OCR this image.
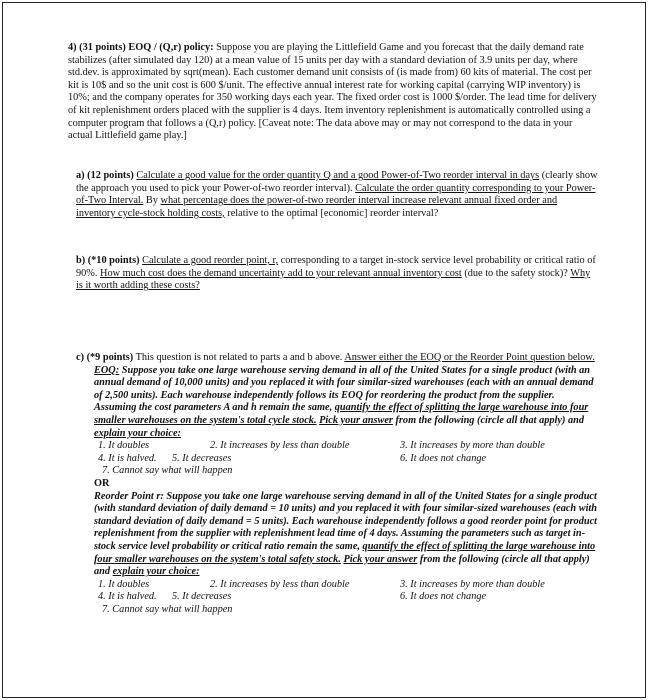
4) (31 points) EOQ / (Q,r) policy: Suppose you are playing the Littlefield Game and you forecast that the daily demand rate stabilizes (after simulated day 120) at a mean value of 15 units per day with a standard deviation of 3.9 units per day, where std.dev. is approximated by sqrt(mean). Each customer demand unit consists of (is made from) 60 kits of material. The cost per kit is 10$ and so the unit cost is 600 $/unit. The effective annual interest rate for working capital (carrying WIP inventory) is 10%; and the company operates for 350 working days each year. The fixed order cost is 1000 $/order. The lead time for delivery of kit replenishment orders placed with the supplier is 4 days. Item inventory replenishment is automatically controlled using a computer program that follows a (Q,r) policy. [Caveat note: The data above may or may not correspond to the data in your actual Littlefield game play.]

a) (12 points) Calculate a good value for the order quantity Q and a good Power-of-Two reorder interval in days (clearly show the approach you used to pick your Power-of-two reorder interval). Calculate the order quantity corresponding to your Power-of-Two Interval. By what percentage does the power-of-two reorder interval increase relevant annual fixed order and inventory cycle-stock holding costs, relative to the optimal [economic] reorder interval?

b) (*10 points) Calculate a good reorder point, r, corresponding to a target in-stock service level probability or critical ratio of 90%. How much cost does the demand uncertainty add to your relevant annual inventory cost (due to the safety stock)? Why is it worth adding these costs?

c) (*9 points) This question is not related to parts a and b above. Answer either the EOQ or the Reorder Point question below.

EOQ: Suppose you take one large warehouse serving demand in all of the United States for a single product (with an annual demand of 10,000 units) and you replaced it with four similar-sized warehouses (each with an annual demand of 2,500 units). Each warehouse independently follows its EOQ for reordering the product from the supplier. Assuming the cost parameters A and h remain the same, quantify the effect of splitting the large warehouse into four smaller warehouses on the system's total cycle stock. Pick your answer from the following (circle all that apply) and explain your choice:

1. It doubles	2. It increases by less than double	3. It increases by more than double
4. It is halved.	5. It decreases	6. It does not change
7. Cannot say what will happen

OR

Reorder Point r: Suppose you take one large warehouse serving demand in all of the United States for a single product (with standard deviation of daily demand = 10 units) and you replaced it with four similar-sized warehouses (each with standard deviation of daily demand = 5 units). Each warehouse independently follows a good reorder point for product replenishment from the supplier with replenishment lead time of 4 days. Assuming the parameters such as target in-stock service level probability or critical ratio remain the same, quantify the effect of splitting the large warehouse into four smaller warehouses on the system's total safety stock. Pick your answer from the following (circle all that apply) and explain your choice:

1. It doubles	2. It increases by less than double	3. It increases by more than double
4. It is halved.	5. It decreases	6. It does not change
7. Cannot say what will happen
